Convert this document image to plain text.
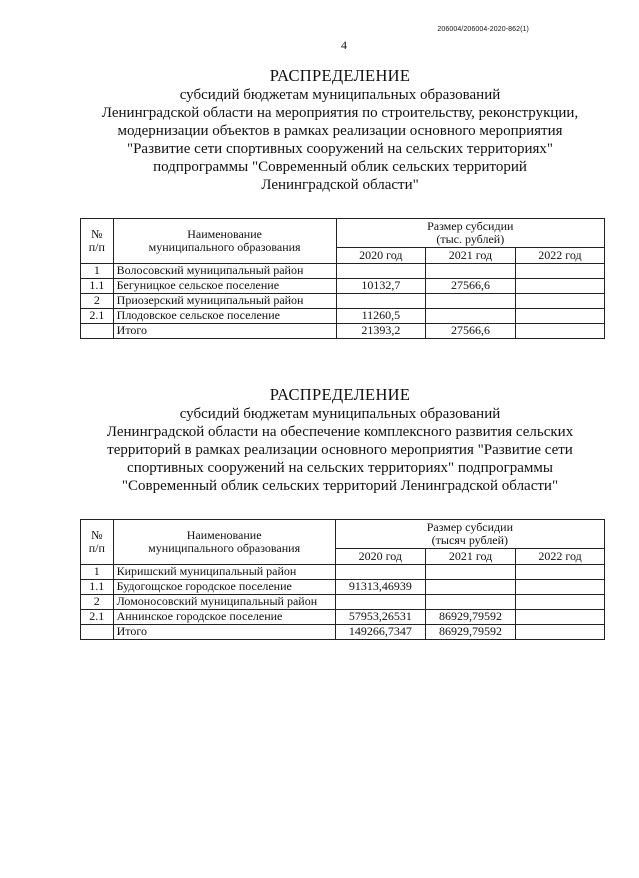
206004/206004-2020-862(1)
4
РАСПРЕДЕЛЕНИЕ
субсидий бюджетам муниципальных образований
Ленинградской области на мероприятия по строительству, реконструкции,
модернизации объектов в рамках реализации основного мероприятия
"Развитие сети спортивных сооружений на сельских территориях"
подпрограммы "Современный облик сельских территорий
Ленинградской области"
№
п/п	Наименование
муниципального образования	Размер субсидии
(тыс. рублей)		
		2020 год	2021 год	2022 год
1	Волосовский муниципальный район			
1.1	Бегуницкое сельское поселение	10132,7	27566,6	
2	Приозерский муниципальный район			
2.1	Плодовское сельское поселение	11260,5		
	Итого	21393,2	27566,6	
РАСПРЕДЕЛЕНИЕ
субсидий бюджетам муниципальных образований
Ленинградской области на обеспечение комплексного развития сельских
территорий в рамках реализации основного мероприятия "Развитие сети
спортивных сооружений на сельских территориях" подпрограммы
"Современный облик сельских территорий Ленинградской области"
№
п/п	Наименование
муниципального образования	Размер субсидии
(тысяч рублей)		
		2020 год	2021 год	2022 год
1	Киришский муниципальный район			
1.1	Будогощское городское поселение	91313,46939		
2	Ломоносовский муниципальный район			
2.1	Аннинское городское поселение	57953,26531	86929,79592	
	Итого	149266,7347	86929,79592	
